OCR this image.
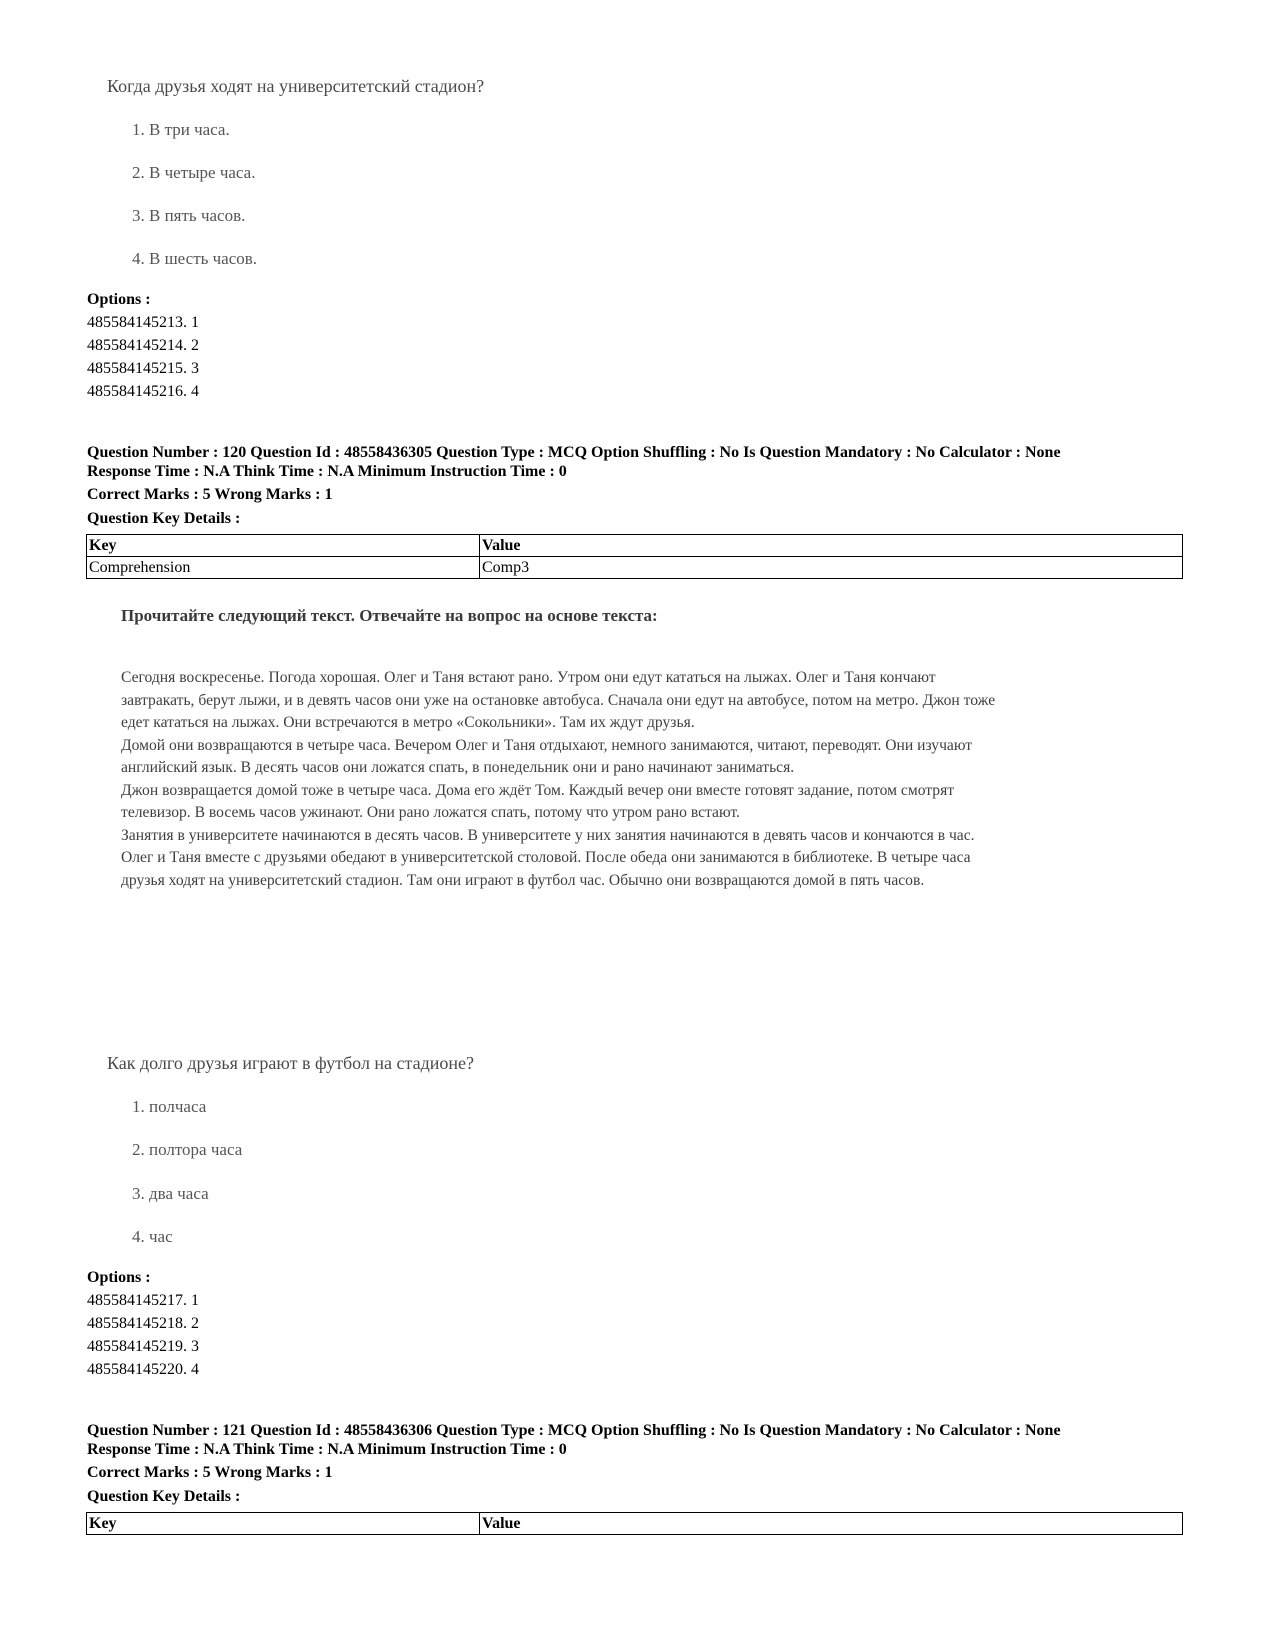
Когда друзья ходят на университетский стадион?
1. В три часа.
2. В четыре часа.
3. В пять часов.
4. В шесть часов.
Options :
485584145213. 1
485584145214. 2
485584145215. 3
485584145216. 4
Question Number : 120 Question Id : 48558436305 Question Type : MCQ Option Shuffling : No Is Question Mandatory : No Calculator : None
Response Time : N.A Think Time : N.A Minimum Instruction Time : 0
Correct Marks : 5 Wrong Marks : 1
Question Key Details :
Key	Value
Comprehension	Comp3
Прочитайте следующий текст. Отвечайте на вопрос на основе текста:

Сегодня воскресенье. Погода хорошая. Олег и Таня встают рано. Утром они едут кататься на лыжах. Олег и Таня кончают завтракать, берут лыжи, и в девять часов они уже на остановке автобуса. Сначала они едут на автобусе, потом на метро. Джон тоже едет кататься на лыжах. Они встречаются в метро «Сокольники». Там их ждут друзья.

Домой они возвращаются в четыре часа. Вечером Олег и Таня отдыхают, немного занимаются, читают, переводят. Они изучают английский язык. В десять часов они ложатся спать, в понедельник они и рано начинают заниматься.

Джон возвращается домой тоже в четыре часа. Дома его ждёт Том. Каждый вечер они вместе готовят задание, потом смотрят телевизор. В восемь часов ужинают. Они рано ложатся спать, потому что утром рано встают.

Занятия в университете начинаются в десять часов. В университете у них занятия начинаются в девять часов и кончаются в час. Олег и Таня вместе с друзьями обедают в университетской столовой. После обеда они занимаются в библиотеке. В четыре часа друзья ходят на университетский стадион. Там они играют в футбол час. Обычно они возвращаются домой в пять часов.

Как долго друзья играют в футбол на стадионе?
1. полчаса
2. полтора часа
3. два часа
4. час
Options :
485584145217. 1
485584145218. 2
485584145219. 3
485584145220. 4
Question Number : 121 Question Id : 48558436306 Question Type : MCQ Option Shuffling : No Is Question Mandatory : No Calculator : None
Response Time : N.A Think Time : N.A Minimum Instruction Time : 0
Correct Marks : 5 Wrong Marks : 1
Question Key Details :
Key	Value
